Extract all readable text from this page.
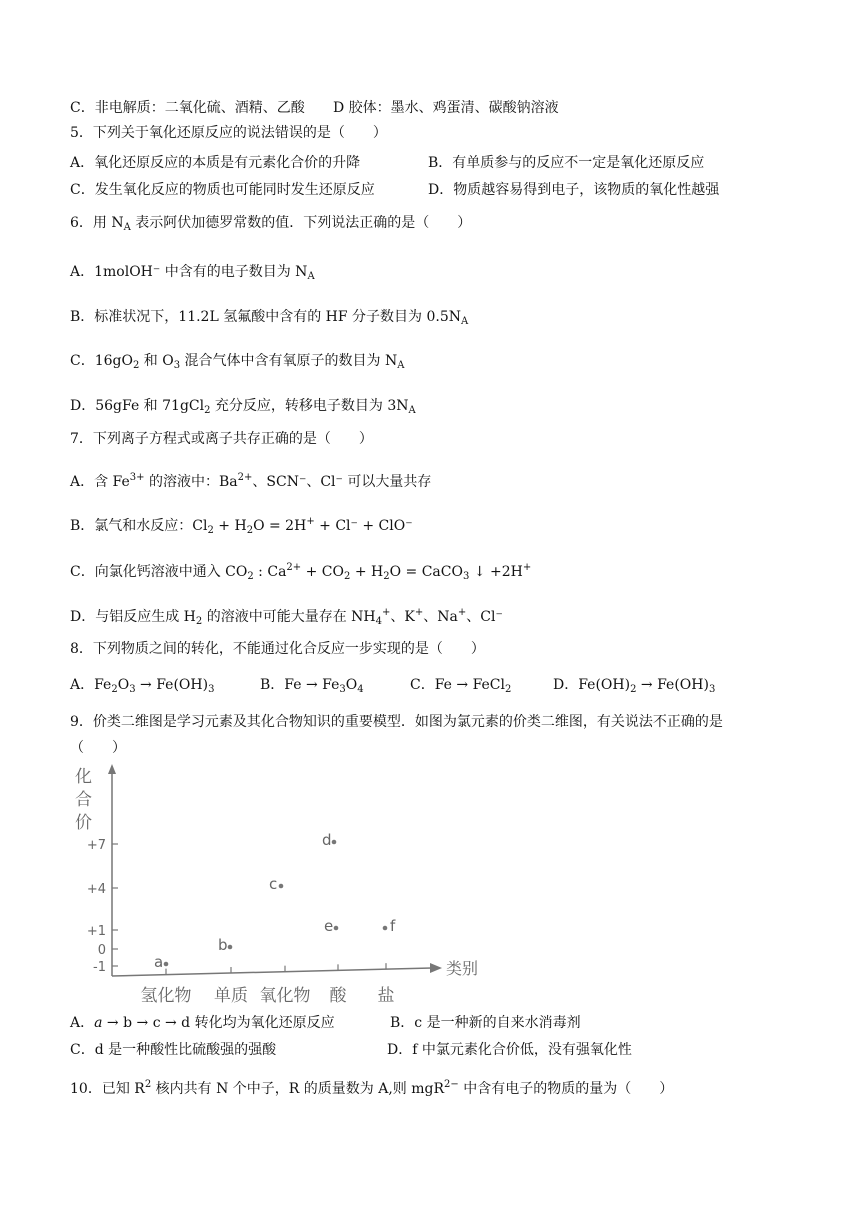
C．非电解质：二氧化硫、酒精、乙酸 D 胶体：墨水、鸡蛋清、碳酸钠溶液
5．下列关于氧化还原反应的说法错误的是（　　）
A．氧化还原反应的本质是有元素化合价的升降	B．有单质参与的反应不一定是氧化还原反应
C．发生氧化反应的物质也可能同时发生还原反应	D．物质越容易得到电子，该物质的氧化性越强
6．用 $N_A$ 表示阿伏加德罗常数的值．下列说法正确的是（　　）
A．1molOH⁻ 中含有的电子数目为 $N_A$
B．标准状况下，11.2L 氢氟酸中含有的 HF 分子数目为 $0.5N_A$
C．$16gO_2$ 和 $O_3$ 混合气体中含有氧原子的数目为 $N_A$
D．56gFe 和 71gCl$_2$ 充分反应，转移电子数目为 $3N_A$
7．下列离子方程式或离子共存正确的是（　　）
A．含 $Fe^{3+}$ 的溶液中：$Ba^{2+}$、SCN⁻、Cl⁻ 可以大量共存
B．氯气和水反应：$Cl_2 + H_2O = 2H^+ + Cl^- + ClO^-$
C．向氯化钙溶液中通入 $CO_2$ : $Ca^{2+} + CO_2 + H_2O$ = CaCO$_3$ ↓ +2H+
D．与铝反应生成 $H_2$ 的溶液中可能大量存在 $NH_4^+$、K+、Na+、Cl⁻
8．下列物质之间的转化，不能通过化合反应一步实现的是（　　）
A．$Fe_2O_3 \to Fe(OH)_3$	B．$Fe \to Fe_3O_4$	C．Fe → FeCl$_2$	D．$Fe(OH)_2 \to Fe(OH)_3$
9．价类二维图是学习元素及其化合物知识的重要模型．如图为氯元素的价类二维图，有关说法不正确的是
（　　）
化
合
价
类别
+7
+4
+1
0
-1
氢化物 单质 氧化物 酸 盐
a
b
c
d
e	f
A．a → b → c → d 转化均为氧化还原反应	B．c 是一种新的自来水消毒剂
C．d 是一种酸性比硫酸强的强酸	D．f 中氯元素化合价低，没有强氧化性
10．已知 $R^2$ 核内共有 N 个中子，R 的质量数为 A,则 mgR$^{2-}$ 中含有电子的物质的量为（　　）
